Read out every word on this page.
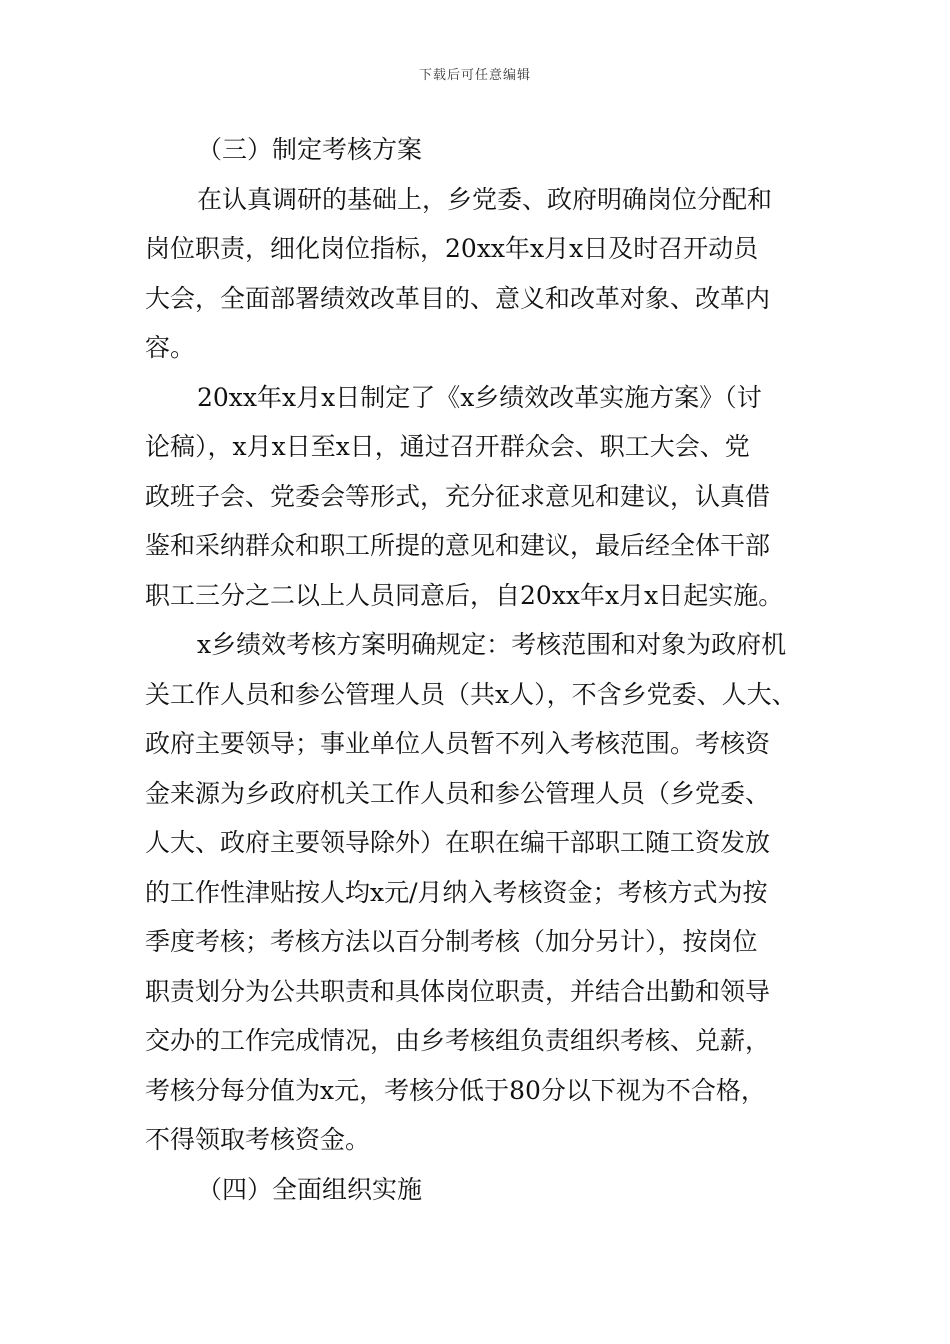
下载后可任意编辑
（三）制定考核方案
在认真调研的基础上，乡党委、政府明确岗位分配和
岗位职责，细化岗位指标，20xx年x月x日及时召开动员
大会，全面部署绩效改革目的、意义和改革对象、改革内
容。
20xx年x月x日制定了《x乡绩效改革实施方案》（讨
论稿），x月x日至x日，通过召开群众会、职工大会、党
政班子会、党委会等形式，充分征求意见和建议，认真借
鉴和采纳群众和职工所提的意见和建议，最后经全体干部
职工三分之二以上人员同意后，自20xx年x月x日起实施。
x乡绩效考核方案明确规定：考核范围和对象为政府机
关工作人员和参公管理人员（共x人），不含乡党委、人大、
政府主要领导；事业单位人员暂不列入考核范围。考核资
金来源为乡政府机关工作人员和参公管理人员（乡党委、
人大、政府主要领导除外）在职在编干部职工随工资发放
的工作性津贴按人均x元/月纳入考核资金；考核方式为按
季度考核；考核方法以百分制考核（加分另计），按岗位
职责划分为公共职责和具体岗位职责，并结合出勤和领导
交办的工作完成情况，由乡考核组负责组织考核、兑薪，
考核分每分值为x元，考核分低于80分以下视为不合格，
不得领取考核资金。
（四）全面组织实施
